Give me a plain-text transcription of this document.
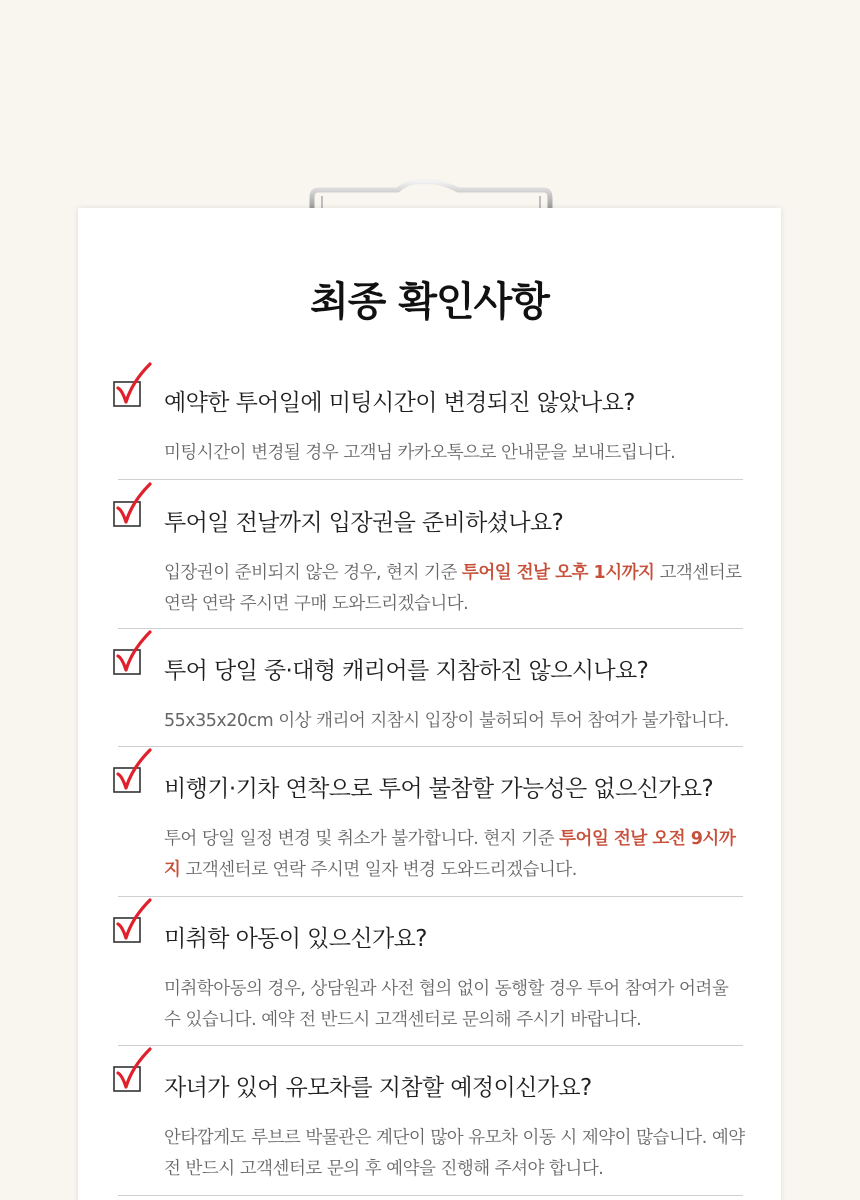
최종 확인사항
예약한 투어일에 미팅시간이 변경되진 않았나요?
미팅시간이 변경될 경우 고객님 카카오톡으로 안내문을 보내드립니다.
투어일 전날까지 입장권을 준비하셨나요?
입장권이 준비되지 않은 경우, 현지 기준 투어일 전날 오후 1시까지 고객센터로 연락 연락 주시면 구매 도와드리겠습니다.
투어 당일 중·대형 캐리어를 지참하진 않으시나요?
55x35x20cm 이상 캐리어 지참시 입장이 불허되어 투어 참여가 불가합니다.
비행기·기차 연착으로 투어 불참할 가능성은 없으신가요?
투어 당일 일정 변경 및 취소가 불가합니다. 현지 기준 투어일 전날 오전 9시까지 고객센터로 연락 주시면 일자 변경 도와드리겠습니다.
미취학 아동이 있으신가요?
미취학아동의 경우, 상담원과 사전 협의 없이 동행할 경우 투어 참여가 어려울 수 있습니다. 예약 전 반드시 고객센터로 문의해 주시기 바랍니다.
자녀가 있어 유모차를 지참할 예정이신가요?
안타깝게도 루브르 박물관은 계단이 많아 유모차 이동 시 제약이 많습니다. 예약 전 반드시 고객센터로 문의 후 예약을 진행해 주셔야 합니다.
